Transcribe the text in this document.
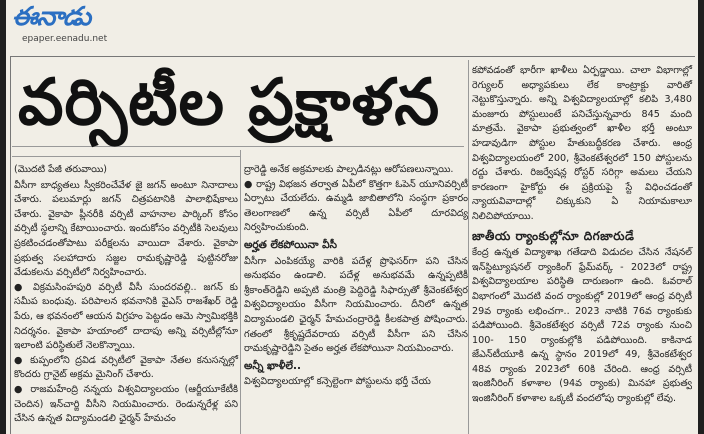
ఈనాడు
epaper.eenadu.net
వర్సిటీల ప్రక్షాళన

(మొదటి పేజీ తరువాయి)

వీసీగా బాధ్యతలు స్వీకరించేవేళ జై జగన్ అంటూ నినాదాలు చేశారు. పలుమార్లు జగన్ చిత్రపటానికి పాలాభిషేకాలు చేశారు. వైకాపా ప్లీనరీకి వర్సిటీ వాహనాల పార్కింగ్ కోసం వర్సిటీ స్థలాన్ని కేటాయించారు. ఇందుకోసం వర్సిటీకి సెలవులు ప్రకటించడంతోపాటు పరీక్షలను వాయిదా వేశారు. వైకాపా ప్రభుత్వ సలహాదారు సజ్జల రామకృష్ణారెడ్డి పుట్టినరోజు వేడుకలను వర్సిటీలో నిర్వహించారు.

● విక్రమసింహపురి వర్సిటీ వీసీ సుందరవల్లి.. జగన్ కు సమీప బంధువు. పరిపాలన భవనానికి వైఎస్ రాజశేఖర్ రెడ్డి పేరు, ఆ భవనంలో ఆయన విగ్రహం పెట్టడం ఆమె స్వామిభక్తికి నిదర్శనం. వైకాపా హయాంలో దాదాపు అన్ని వర్సిటీల్లోనూ ఇలాంటి పరిస్థితులే నెలకొన్నాయి.

● కుప్పంలోని ద్రవిడ వర్సిటీలో వైకాపా నేతల కనుసన్నల్లో కొందరు గ్రానైట్ అక్రమ మైనింగ్ చేశారు.

● రాజమహేంద్రి నన్నయ విశ్వవిద్యాలయం (ఆర్జీయూకేటీకి చెందిన) ఇన్‌చార్జి వీసీని నియమించారు. రెండున్నరేళ్ల పని చేసిన ఉన్నత విద్యామండలి ఛైర్మన్ హేమచం

ద్రారెడ్డి అనేక అక్రమాలకు పాల్పడినట్లు ఆరోపణలున్నాయి.

● రాష్ట్ర విభజన తర్వాత ఏపీలో కొత్తగా ఓపెన్ యూనివర్సిటీ ఏర్పాటు చేయలేదు. ఉమ్మడి జాబితాలోని సంస్థగా ప్రకారం తెలంగాణలో ఉన్న వర్సిటీ ఏపీలో దూరవిద్య నిర్వహించుకుంది.

అర్హత లేకపోయినా వీసీ

వీసీగా ఎంపికయ్యే వారికి పదేళ్ల ప్రొఫెసర్‌గా పని చేసిన అనుభవం ఉండాలి. పదేళ్ల అనుభవమే ఉన్నప్పటికీ శ్రీకాంత్‌రెడ్డిని అప్పటి మంత్రి పెద్దిరెడ్డి సిఫార్సుతో శ్రీవెంకటేశ్వర విశ్వవిద్యాలయం వీసీగా నియమించారు. దీనిలో ఉన్నత విద్యామండలి ఛైర్మన్ హేమచంద్రారెడ్డి కీలకపాత్ర పోషించారు. గతంలో శ్రీకృష్ణదేవరాయ వర్సిటీ వీసీగా పని చేసిన రామకృష్ణారెడ్డిని సైతం అర్హత లేకపోయినా నియమించారు.

అన్నీ ఖాళీలే..

విశ్వవిద్యాలయాల్లో కన్సెల్టెంగా పోస్టులను భర్తీ చేయ

కపోవడంతో భారీగా ఖాళీలు ఏర్పడ్డాయి. చాలా విభాగాల్లో రెగ్యులర్ అధ్యాపకులు లేక కాంట్రాక్టు వారితో నెట్టుకొస్తున్నారు. అన్ని విశ్వవిద్యాలయాల్లో కలిపి 3,480 మంజూరు పోస్టులుంటే పనిచేస్తున్నవారు 845 మంది మాత్రమే. వైకాపా ప్రభుత్వంలో ఖాళీల భర్తీ అంటూ హడావుడిగా పోస్టుల హేతుబద్ధీకరణ చేశారు. ఆంధ్ర విశ్వవిద్యాలయంలో 200, శ్రీవెంకటేశ్వరలో 150 పోస్టులను రద్దు చేశారు. రిజర్వేషన్ల రోస్టర్ సరిగ్గా అమలు చేయని కారణంగా హైకోర్టు ఈ ప్రక్రియపై స్టే విధించడంతో న్యాయవివాదాల్లో చిక్కుకుని ఏ నియామకాలూ నిలిచిపోయాయి.

జాతీయ ర్యాంకుల్లోనూ దిగజారుడే

కేంద్ర ఉన్నత విద్యాశాఖ గతేడాది విడుదల చేసిన నేషనల్ ఇన్‌స్టిట్యూషనల్ ర్యాంకింగ్ ఫ్రేమ్‌వర్క్ - 2023లో రాష్ట్ర విశ్వవిద్యాలయాల పరిస్థితి దారుణంగా ఉంది. ఓవరాల్ విభాగంలో మొదటి వంద ర్యాంకుల్లో 2019లో ఆంధ్ర వర్సిటీ 29వ ర్యాంకు లభించగా.. 2023 నాటికి 76వ ర్యాంకుకు పడిపోయింది. శ్రీవెంకటేశ్వర వర్సిటీ 72వ ర్యాంకు నుంచి 100- 150 ర్యాంకుల్లోకి పడిపోయింది. కాకినాడ జేఎన్‌టీయూకి ఉన్న స్థానం 2019లో 49, శ్రీవెంకటేశ్వర 48వ ర్యాంకు 2023లో 60కి చేరింది. ఆంధ్ర వర్సిటీ ఇంజినీరింగ్ కళాశాల (94వ ర్యాంకు) మినహా ప్రభుత్వ ఇంజినీరింగ్ కళాశాల ఒక్కటీ వందలోపు ర్యాంకుల్లో లేవు.
